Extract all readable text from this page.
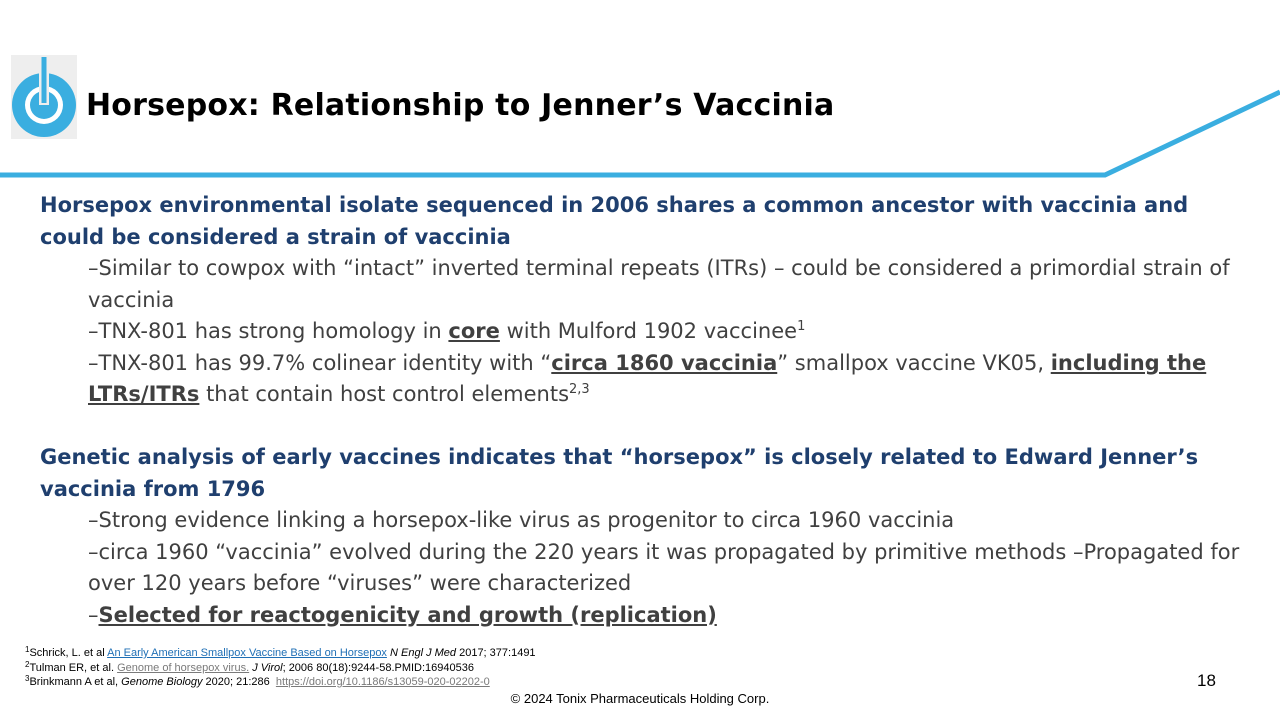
Horsepox: Relationship to Jenner’s Vaccinia
Horsepox environmental isolate sequenced in 2006 shares a common ancestor with vaccinia and could be considered a strain of vaccinia
–Similar to cowpox with “intact” inverted terminal repeats (ITRs) – could be considered a primordial strain of vaccinia
–TNX-801 has strong homology in core with Mulford 1902 vaccinee$^1$
–TNX-801 has 99.7% colinear identity with “circa 1860 vaccinia” smallpox vaccine VK05, including the LTRs/ITRs that contain host control elements$^{2,3}$
Genetic analysis of early vaccines indicates that “horsepox” is closely related to Edward Jenner’s vaccinia from 1796
–Strong evidence linking a horsepox-like virus as progenitor to circa 1960 vaccinia
–circa 1960 “vaccinia” evolved during the 220 years it was propagated by primitive methods –Propagated for over 120 years before “viruses” were characterized
–Selected for reactogenicity and growth (replication)
$^1$Schrick, L. et al An Early American Smallpox Vaccine Based on Horsepox N Engl J Med 2017; 377:1491
$^2$Tulman ER, et al. Genome of horsepox virus. J Virol; 2006 80(18):9244-58.PMID:16940536
$^3$Brinkmann A et al, Genome Biology 2020; 21:286  https://doi.org/10.1186/s13059-020-02202-0	18
© 2024 Tonix Pharmaceuticals Holding Corp.
